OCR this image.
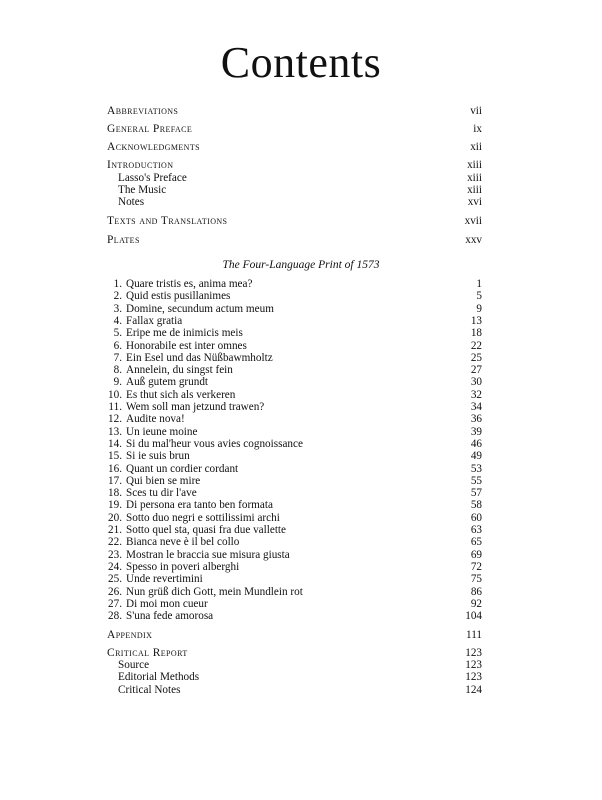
Contents
Abbreviations	vii
General Preface	ix
Acknowledgments	xii
Introduction	xiii
Lasso's Preface	xiii
The Music	xiii
Notes	xvi
Texts and Translations	xvii
Plates	xxv
The Four-Language Print of 1573
1. Quare tristis es, anima mea?	1
2. Quid estis pusillanimes	5
3. Domine, secundum actum meum	9
4. Fallax gratia	13
5. Eripe me de inimicis meis	18
6. Honorabile est inter omnes	22
7. Ein Esel und das Nüßbawmholtz	25
8. Annelein, du singst fein	27
9. Auß gutem grundt	30
10. Es thut sich als verkeren	32
11. Wem soll man jetzund trawen?	34
12. Audite nova!	36
13. Un ieune moine	39
14. Si du mal'heur vous avies cognoissance	46
15. Si ie suis brun	49
16. Quant un cordier cordant	53
17. Qui bien se mire	55
18. Sces tu dir l'ave	57
19. Di persona era tanto ben formata	58
20. Sotto duo negri e sottilissimi archi	60
21. Sotto quel sta, quasi fra due vallette	63
22. Bianca neve è il bel collo	65
23. Mostran le braccia sue misura giusta	69
24. Spesso in poveri alberghi	72
25. Unde revertimini	75
26. Nun grüß dich Gott, mein Mundlein rot	86
27. Di moi mon cueur	92
28. S'una fede amorosa	104
Appendix	111
Critical Report	123
Source	123
Editorial Methods	123
Critical Notes	124
